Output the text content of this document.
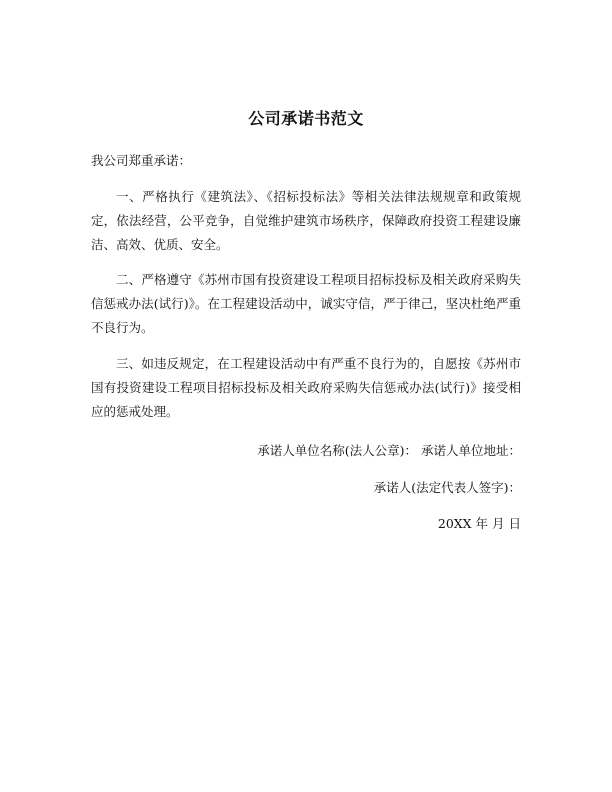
公司承诺书范文
我公司郑重承诺：
一、严格执行《建筑法》、《招标投标法》等相关法律法规规章和政策规定，依法经营，公平竞争，自觉维护建筑市场秩序，保障政府投资工程建设廉洁、高效、优质、安全。
二、严格遵守《苏州市国有投资建设工程项目招标投标及相关政府采购失信惩戒办法(试行)》。在工程建设活动中，诚实守信，严于律己，坚决杜绝严重不良行为。
三、如违反规定，在工程建设活动中有严重不良行为的，自愿按《苏州市国有投资建设工程项目招标投标及相关政府采购失信惩戒办法(试行)》接受相应的惩戒处理。
承诺人单位名称(法人公章)： 承诺人单位地址：
承诺人(法定代表人签字)：
20XX 年 月 日
